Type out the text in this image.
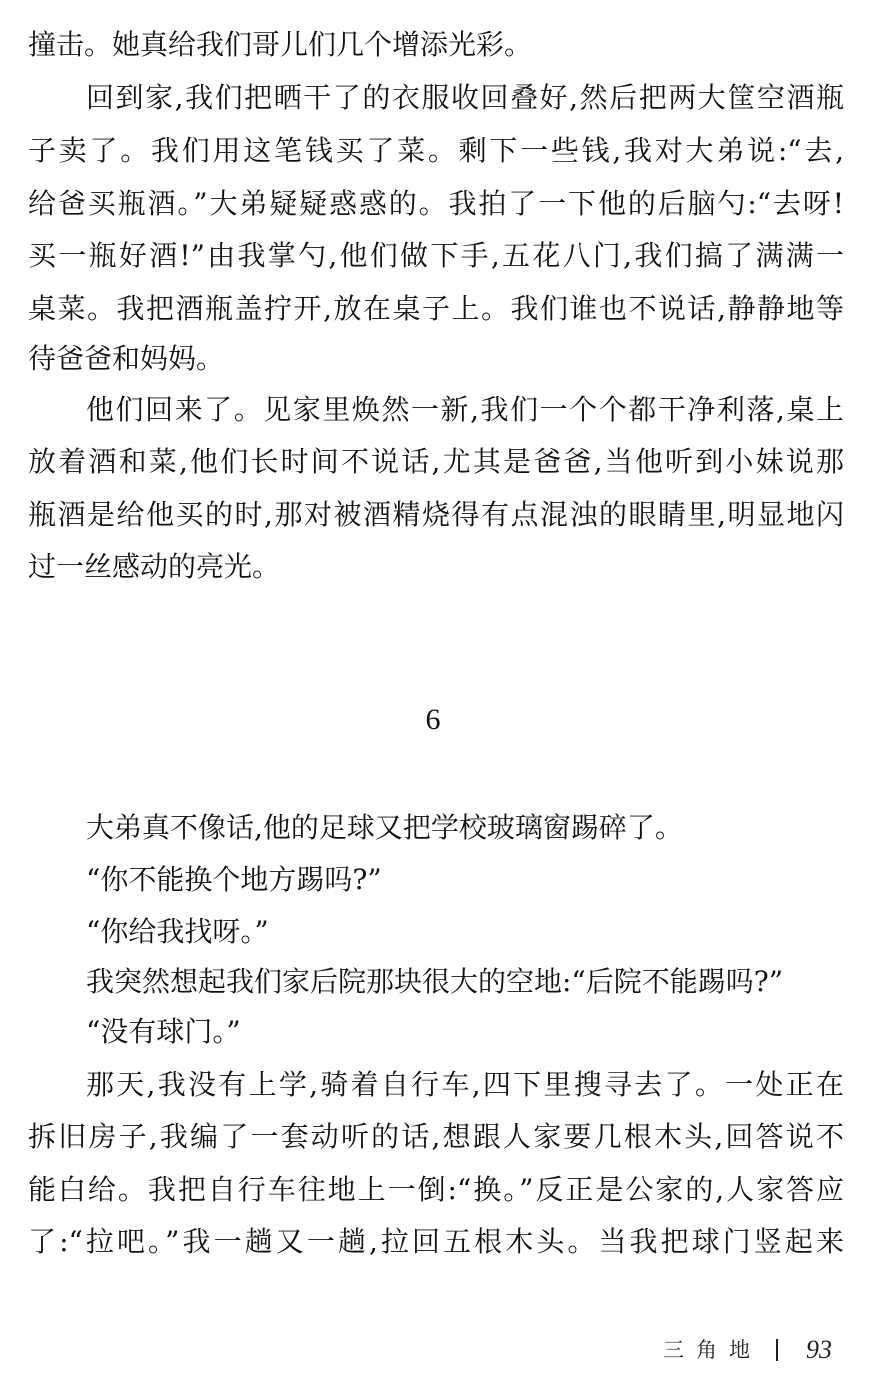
撞击。她真给我们哥儿们几个增添光彩。
回到家,我们把晒干了的衣服收回叠好,然后把两大筐空酒瓶
子卖了。我们用这笔钱买了菜。剩下一些钱,我对大弟说:“去,
给爸买瓶酒。”大弟疑疑惑惑的。我拍了一下他的后脑勺:“去呀!
买一瓶好酒!”由我掌勺,他们做下手,五花八门,我们搞了满满一
桌菜。我把酒瓶盖拧开,放在桌子上。我们谁也不说话,静静地等
待爸爸和妈妈。
他们回来了。见家里焕然一新,我们一个个都干净利落,桌上
放着酒和菜,他们长时间不说话,尤其是爸爸,当他听到小妹说那
瓶酒是给他买的时,那对被酒精烧得有点混浊的眼睛里,明显地闪
过一丝感动的亮光。
6
大弟真不像话,他的足球又把学校玻璃窗踢碎了。
“你不能换个地方踢吗?”
“你给我找呀。”
我突然想起我们家后院那块很大的空地:“后院不能踢吗?”
“没有球门。”
那天,我没有上学,骑着自行车,四下里搜寻去了。一处正在
拆旧房子,我编了一套动听的话,想跟人家要几根木头,回答说不
能白给。我把自行车往地上一倒:“换。”反正是公家的,人家答应
了:“拉吧。”我一趟又一趟,拉回五根木头。当我把球门竖起来
三角地 93
